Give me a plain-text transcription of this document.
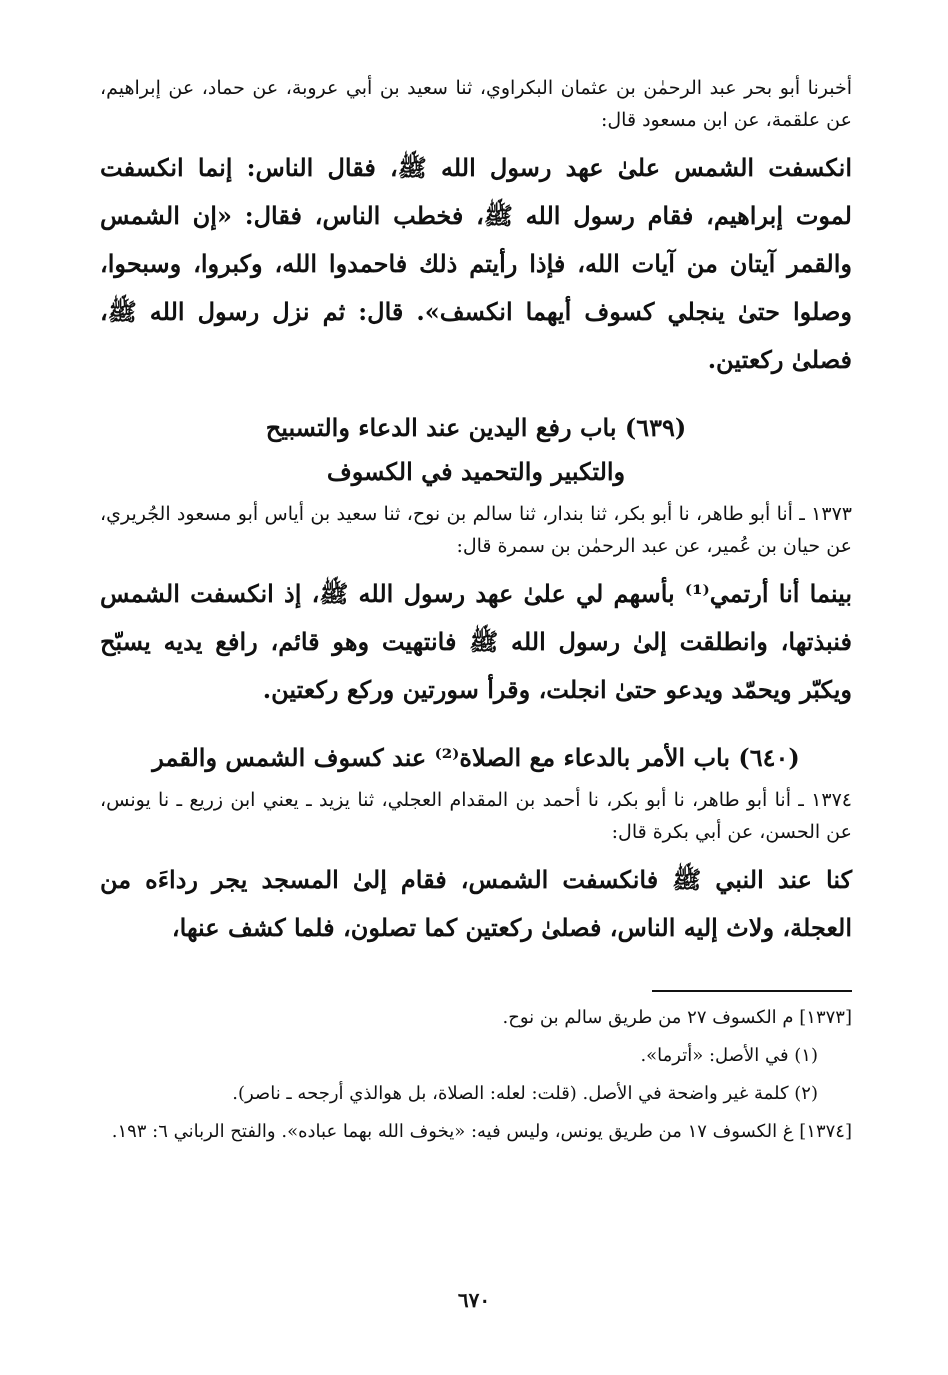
أخبرنا أبو بحر عبد الرحمٰن بن عثمان البكراوي، ثنا سعيد بن أبي عروبة، عن حماد، عن إبراهيم، عن علقمة، عن ابن مسعود قال:

انكسفت الشمس علىٰ عهد رسول الله ﷺ، فقال الناس: إنما انكسفت لموت إبراهيم، فقام رسول الله ﷺ، فخطب الناس، فقال: «إن الشمس والقمر آيتان من آيات الله، فإذا رأيتم ذلك فاحمدوا الله، وكبروا، وسبحوا، وصلوا حتىٰ ينجلي كسوف أيهما انكسف». قال: ثم نزل رسول الله ﷺ، فصلىٰ ركعتين.

(٦٣٩) باب رفع اليدين عند الدعاء والتسبيح
والتكبير والتحميد في الكسوف

١٣٧٣ ـ أنا أبو طاهر، نا أبو بكر، ثنا بندار، ثنا سالم بن نوح، ثنا سعيد بن أياس أبو مسعود الجُريري، عن حيان بن عُمير، عن عبد الرحمٰن بن سمرة قال:

بينما أنا أرتمي⁽¹⁾ بأسهم لي علىٰ عهد رسول الله ﷺ، إذ انكسفت الشمس فنبذتها، وانطلقت إلىٰ رسول الله ﷺ فانتهيت وهو قائم، رافع يديه يسبّح ويكبّر ويحمّد ويدعو حتىٰ انجلت، وقرأ سورتين وركع ركعتين.

(٦٤٠) باب الأمر بالدعاء مع الصلاة⁽²⁾ عند كسوف الشمس والقمر

١٣٧٤ ـ أنا أبو طاهر، نا أبو بكر، نا أحمد بن المقدام العجلي، ثنا يزيد ـ يعني ابن زريع ـ نا يونس، عن الحسن، عن أبي بكرة قال:

كنا عند النبي ﷺ فانكسفت الشمس، فقام إلىٰ المسجد يجر رداءَه من العجلة، ولاث إليه الناس، فصلىٰ ركعتين كما تصلون، فلما كشف عنها،

[١٣٧٣] م الكسوف ٢٧ من طريق سالم بن نوح.

(١) في الأصل: «أترما».

(٢) كلمة غير واضحة في الأصل. (قلت: لعله: الصلاة، بل هوالذي أرجحه ـ ناصر).

[١٣٧٤] غ الكسوف ١٧ من طريق يونس، وليس فيه: «يخوف الله بهما عباده». والفتح الرباني ٦: ١٩٣.

٦٧٠
